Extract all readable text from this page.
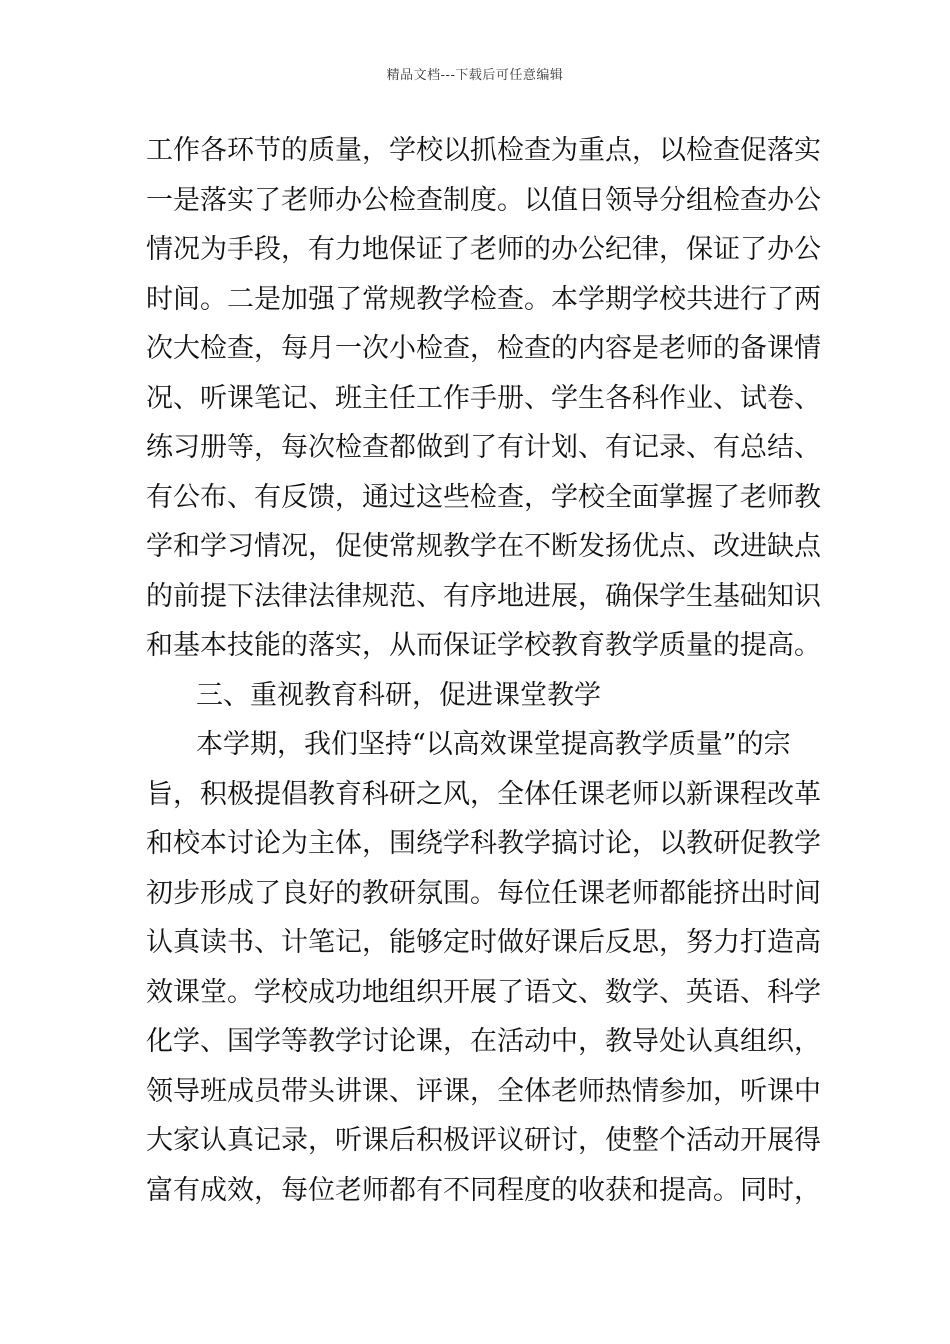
精品文档---下载后可任意编辑
工作各环节的质量，学校以抓检查为重点，以检查促落实
一是落实了老师办公检查制度。以值日领导分组检查办公
情况为手段，有力地保证了老师的办公纪律，保证了办公
时间。二是加强了常规教学检查。本学期学校共进行了两
次大检查，每月一次小检查，检查的内容是老师的备课情
况、听课笔记、班主任工作手册、学生各科作业、试卷、
练习册等，每次检查都做到了有计划、有记录、有总结、
有公布、有反馈，通过这些检查，学校全面掌握了老师教
学和学习情况，促使常规教学在不断发扬优点、改进缺点
的前提下法律法律规范、有序地进展，确保学生基础知识
和基本技能的落实，从而保证学校教育教学质量的提高。
三、重视教育科研，促进课堂教学
本学期，我们坚持“以高效课堂提高教学质量”的宗
旨，积极提倡教育科研之风，全体任课老师以新课程改革
和校本讨论为主体，围绕学科教学搞讨论，以教研促教学
初步形成了良好的教研氛围。每位任课老师都能挤出时间
认真读书、计笔记，能够定时做好课后反思，努力打造高
效课堂。学校成功地组织开展了语文、数学、英语、科学
化学、国学等教学讨论课，在活动中，教导处认真组织，
领导班成员带头讲课、评课，全体老师热情参加，听课中
大家认真记录，听课后积极评议研讨，使整个活动开展得
富有成效，每位老师都有不同程度的收获和提高。同时，
